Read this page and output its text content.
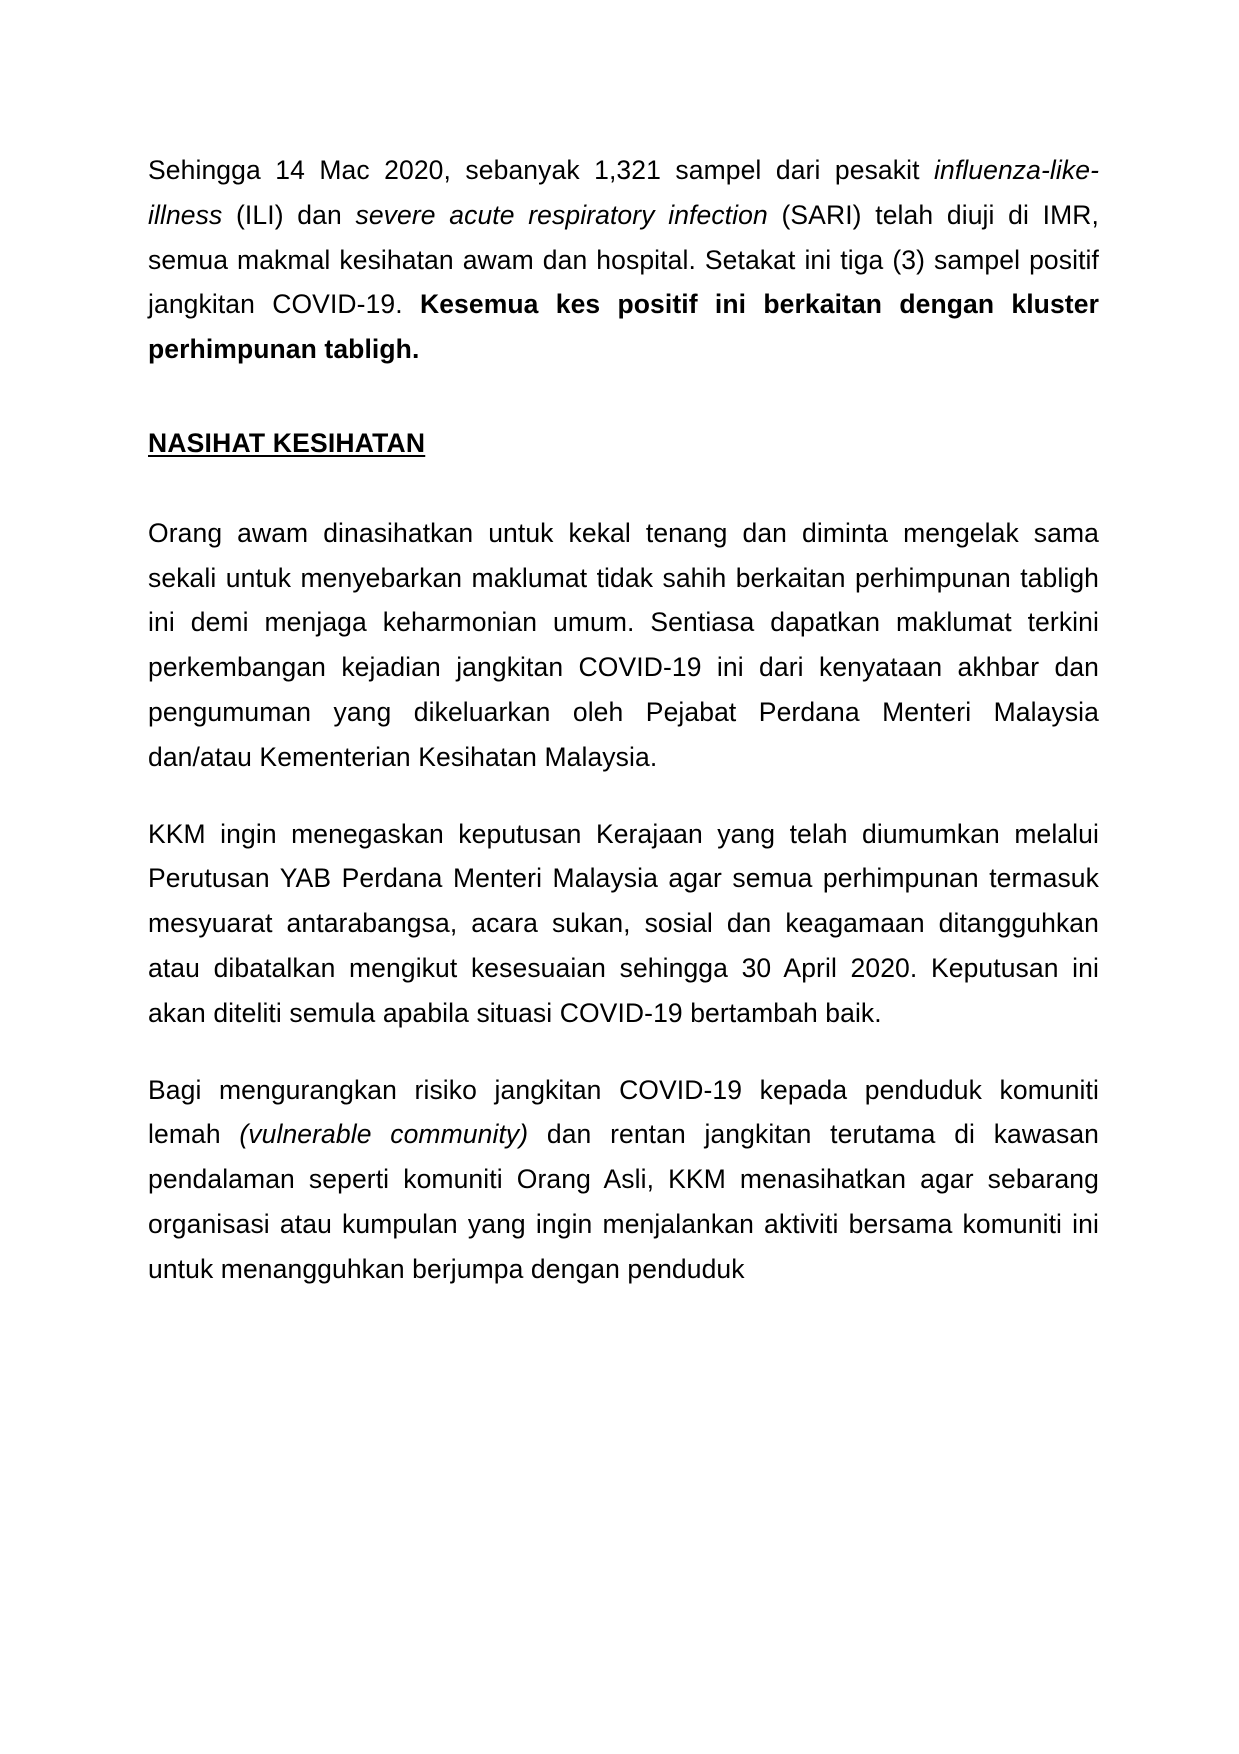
Sehingga 14 Mac 2020, sebanyak 1,321 sampel dari pesakit influenza-like-illness (ILI) dan severe acute respiratory infection (SARI) telah diuji di IMR, semua makmal kesihatan awam dan hospital. Setakat ini tiga (3) sampel positif jangkitan COVID-19. Kesemua kes positif ini berkaitan dengan kluster perhimpunan tabligh.

NASIHAT KESIHATAN

Orang awam dinasihatkan untuk kekal tenang dan diminta mengelak sama sekali untuk menyebarkan maklumat tidak sahih berkaitan perhimpunan tabligh ini demi menjaga keharmonian umum. Sentiasa dapatkan maklumat terkini perkembangan kejadian jangkitan COVID-19 ini dari kenyataan akhbar dan pengumuman yang dikeluarkan oleh Pejabat Perdana Menteri Malaysia dan/atau Kementerian Kesihatan Malaysia.

KKM ingin menegaskan keputusan Kerajaan yang telah diumumkan melalui Perutusan YAB Perdana Menteri Malaysia agar semua perhimpunan termasuk mesyuarat antarabangsa, acara sukan, sosial dan keagamaan ditangguhkan atau dibatalkan mengikut kesesuaian sehingga 30 April 2020. Keputusan ini akan diteliti semula apabila situasi COVID-19 bertambah baik.

Bagi mengurangkan risiko jangkitan COVID-19 kepada penduduk komuniti lemah (vulnerable community) dan rentan jangkitan terutama di kawasan pendalaman seperti komuniti Orang Asli, KKM menasihatkan agar sebarang organisasi atau kumpulan yang ingin menjalankan aktiviti bersama komuniti ini untuk menangguhkan berjumpa dengan penduduk
